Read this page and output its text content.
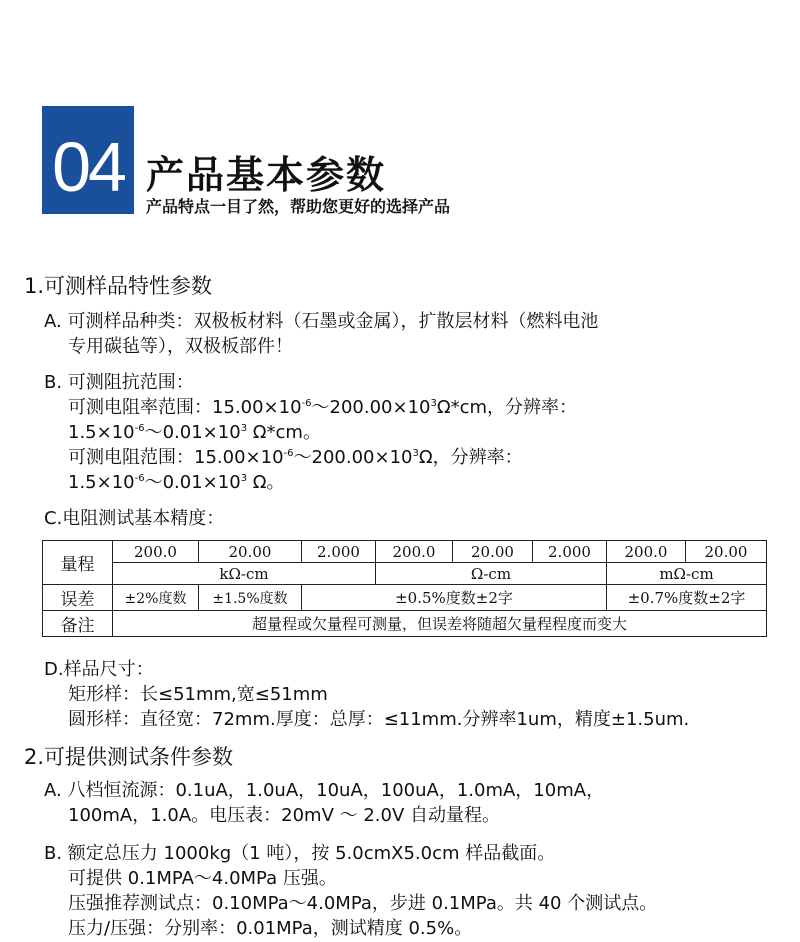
04 产品基本参数
产品特点一目了然，帮助您更好的选择产品
1.可测样品特性参数
A. 可测样品种类：双极板材料（石墨或金属），扩散层材料（燃料电池
专用碳毡等），双极板部件！
B. 可测阻抗范围：
可测电阻率范围：$15.00\times 10^{-6}\sim 200.00\times 10^3\Omega*cm$，分辨率：
$1.5\times 10^{-6}\sim 0.01\times 10^3$ Ω*cm。
可测电阻范围：$15.00\times 10^{-6}\sim 200.00\times 10^3\Omega$，分辨率：
$1.5\times 10^{-6}\sim 0.01\times 10^3$ Ω。
C.电阻测试基本精度：
量程	200.0	20.00	2.000	200.0	20.00	2.000	200.0	20.00
	kΩ-cm			Ω-cm			mΩ-cm	
误差	±2%度数	±1.5%度数	±0.5%度数±2字				±0.7%度数±2字	
备注	超量程或欠量程可测量，但误差将随超欠量程程度而变大							
D.样品尺寸：
矩形样：长≤51mm,宽≤51mm
圆形样：直径宽：72mm.厚度：总厚：≤11mm.分辨率1um，精度±1.5um.
2.可提供测试条件参数
A. 八档恒流源：0.1uA，1.0uA，10uA，100uA，1.0mA，10mA，
100mA，1.0A。电压表：20mV ～ 2.0V 自动量程。
B. 额定总压力 1000kg（1 吨），按 5.0cmX5.0cm 样品截面。
可提供 0.1MPA～4.0MPa 压强。
压强推荐测试点：0.10MPa～4.0MPa，步进 0.1MPa。共 40 个测试点。
压力/压强：分别率：0.01MPa，测试精度 0.5%。
